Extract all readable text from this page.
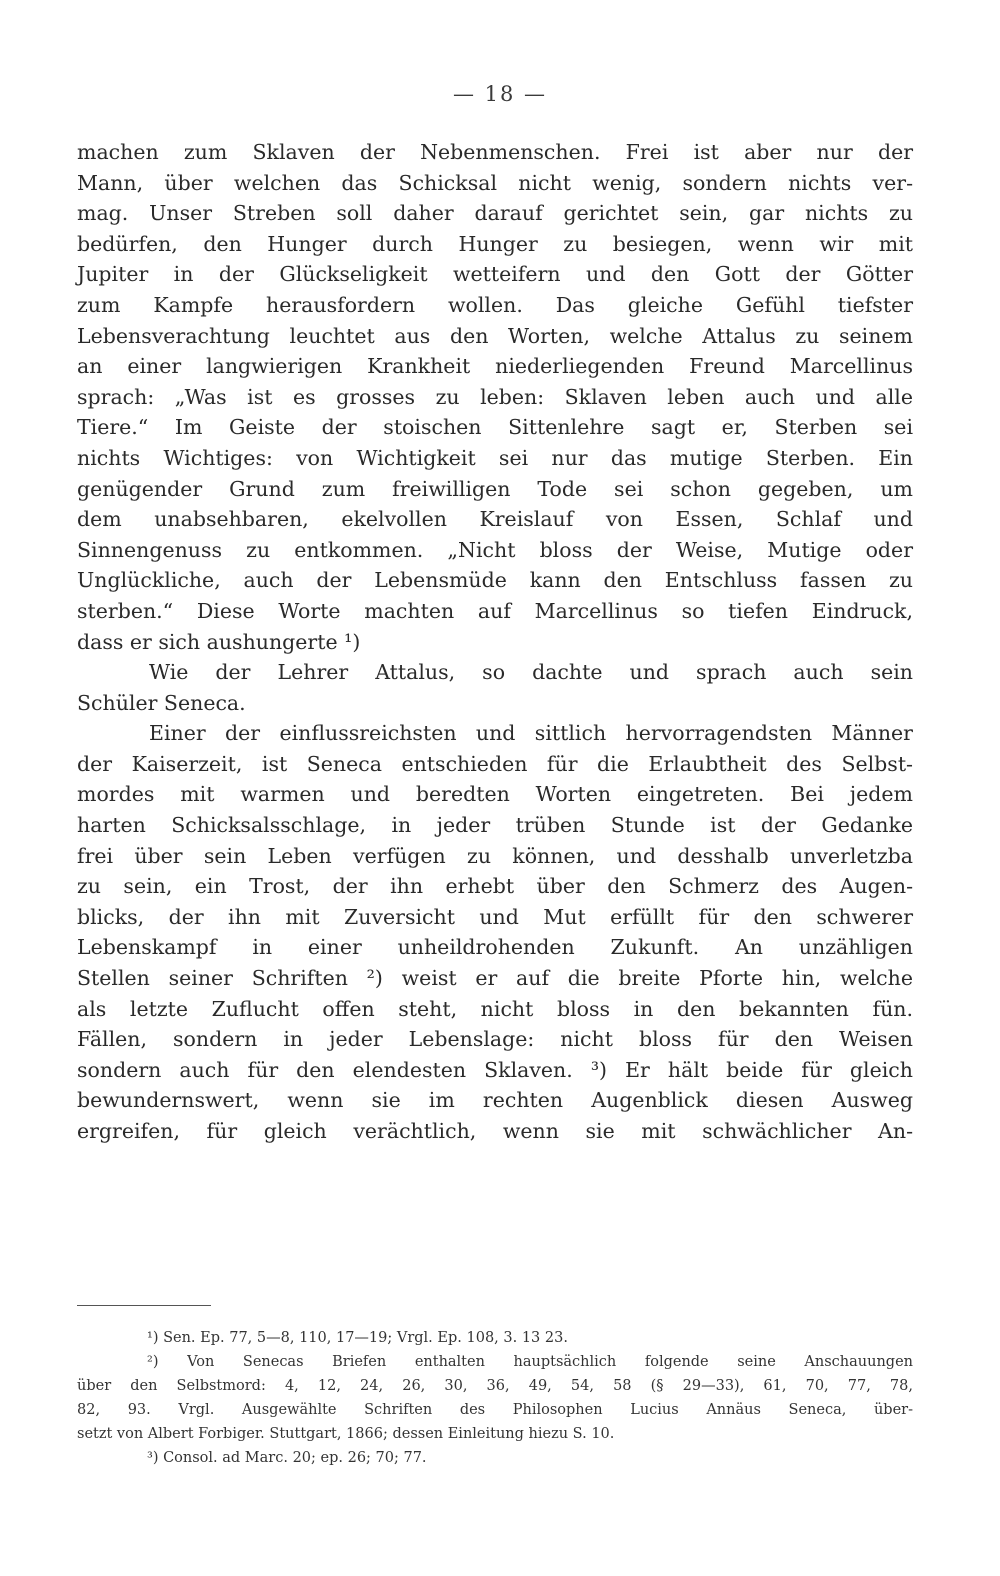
— 18 —
machen zum Sklaven der Nebenmenschen. Frei ist aber nur der
Mann, über welchen das Schicksal nicht wenig, sondern nichts ver-
mag. Unser Streben soll daher darauf gerichtet sein, gar nichts zu
bedürfen, den Hunger durch Hunger zu besiegen, wenn wir mit
Jupiter in der Glückseligkeit wetteifern und den Gott der Götter
zum Kampfe herausfordern wollen. Das gleiche Gefühl tiefster
Lebensverachtung leuchtet aus den Worten, welche Attalus zu seinem
an einer langwierigen Krankheit niederliegenden Freund Marcellinus
sprach: „Was ist es grosses zu leben: Sklaven leben auch und alle
Tiere.“ Im Geiste der stoischen Sittenlehre sagt er, Sterben sei
nichts Wichtiges: von Wichtigkeit sei nur das mutige Sterben. Ein
genügender Grund zum freiwilligen Tode sei schon gegeben, um
dem unabsehbaren, ekelvollen Kreislauf von Essen, Schlaf und
Sinnengenuss zu entkommen. „Nicht bloss der Weise, Mutige oder
Unglückliche, auch der Lebensmüde kann den Entschluss fassen zu
sterben.“ Diese Worte machten auf Marcellinus so tiefen Eindruck,
dass er sich aushungerte ¹)
Wie der Lehrer Attalus, so dachte und sprach auch sein
Schüler Seneca.
Einer der einflussreichsten und sittlich hervorragendsten Männer
der Kaiserzeit, ist Seneca entschieden für die Erlaubtheit des Selbst-
mordes mit warmen und beredten Worten eingetreten. Bei jedem
harten Schicksalsschlage, in jeder trüben Stunde ist der Gedanke
frei über sein Leben verfügen zu können, und desshalb unverletzba
zu sein, ein Trost, der ihn erhebt über den Schmerz des Augen-
blicks, der ihn mit Zuversicht und Mut erfüllt für den schwerer
Lebenskampf in einer unheildrohenden Zukunft. An unzähligen
Stellen seiner Schriften ²) weist er auf die breite Pforte hin, welche
als letzte Zuflucht offen steht, nicht bloss in den bekannten fün.
Fällen, sondern in jeder Lebenslage: nicht bloss für den Weisen
sondern auch für den elendesten Sklaven. ³) Er hält beide für gleich
bewundernswert, wenn sie im rechten Augenblick diesen Ausweg
ergreifen, für gleich verächtlich, wenn sie mit schwächlicher An-
¹) Sen. Ep. 77, 5—8, 110, 17—19; Vrgl. Ep. 108, 3. 13 23.
²) Von Senecas Briefen enthalten hauptsächlich folgende seine Anschauungen
über den Selbstmord: 4, 12, 24, 26, 30, 36, 49, 54, 58 (§ 29—33), 61, 70, 77, 78,
82, 93. Vrgl. Ausgewählte Schriften des Philosophen Lucius Annäus Seneca, über-
setzt von Albert Forbiger. Stuttgart, 1866; dessen Einleitung hiezu S. 10.
³) Consol. ad Marc. 20; ep. 26; 70; 77.
